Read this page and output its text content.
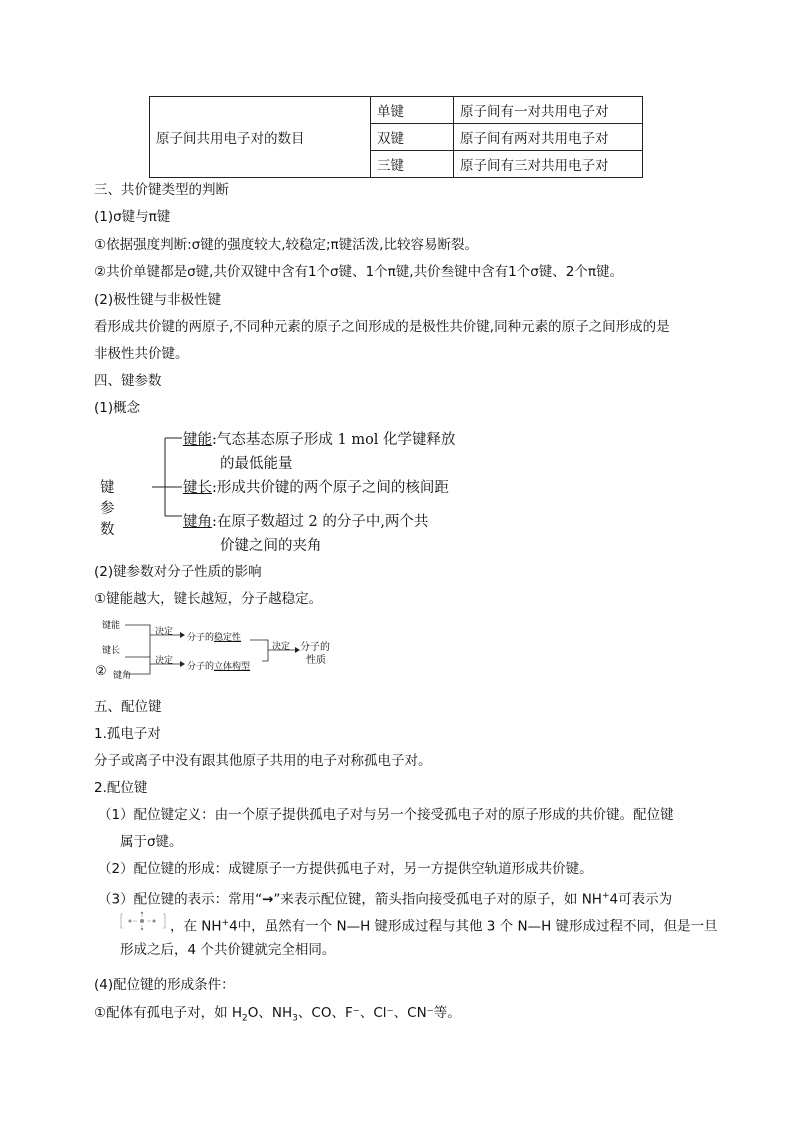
原子间共用电子对的数目	单键	原子间有一对共用电子对
	双键	原子间有两对共用电子对
	三键	原子间有三对共用电子对
三、共价键类型的判断
(1)σ键与π键
①依据强度判断:σ键的强度较大,较稳定;π键活泼,比较容易断裂。
②共价单键都是σ键,共价双键中含有1个σ键、1个π键,共价叁键中含有1个σ键、2个π键。
(2)极性键与非极性键
看形成共价键的两原子,不同种元素的原子之间形成的是极性共价键,同种元素的原子之间形成的是
非极性共价键。
四、键参数
(1)概念
键参数
键能:气态基态原子形成 1 mol 化学键释放
的最低能量
键长:形成共价键的两个原子之间的核间距
键角:在原子数超过 2 的分子中,两个共
价键之间的夹角
(2)键参数对分子性质的影响
①键能越大，键长越短，分子越稳定。
键能
键长
② 键角
决定
决定
决定
分子的稳定性
分子的立体构型
分子的
性质
五、配位键
1.孤电子对
分子或离子中没有跟其他原子共用的电子对称孤电子对。
2.配位键
（1）配位键定义：由一个原子提供孤电子对与另一个接受孤电子对的原子形成的共价键。配位键
属于σ键。
（2）配位键的形成：成键原子一方提供孤电子对，另一方提供空轨道形成共价键。
（3）配位键的表示：常用“→”来表示配位键，箭头指向接受孤电子对的原子，如 NH+4可表示为
，在 NH+4中，虽然有一个 N—H 键形成过程与其他 3 个 N—H 键形成过程不同，但是一旦
形成之后，4 个共价键就完全相同。
(4)配位键的形成条件：
①配体有孤电子对，如 $H_2O$、$NH_3$、CO、F⁻、Cl⁻、CN⁻等。
